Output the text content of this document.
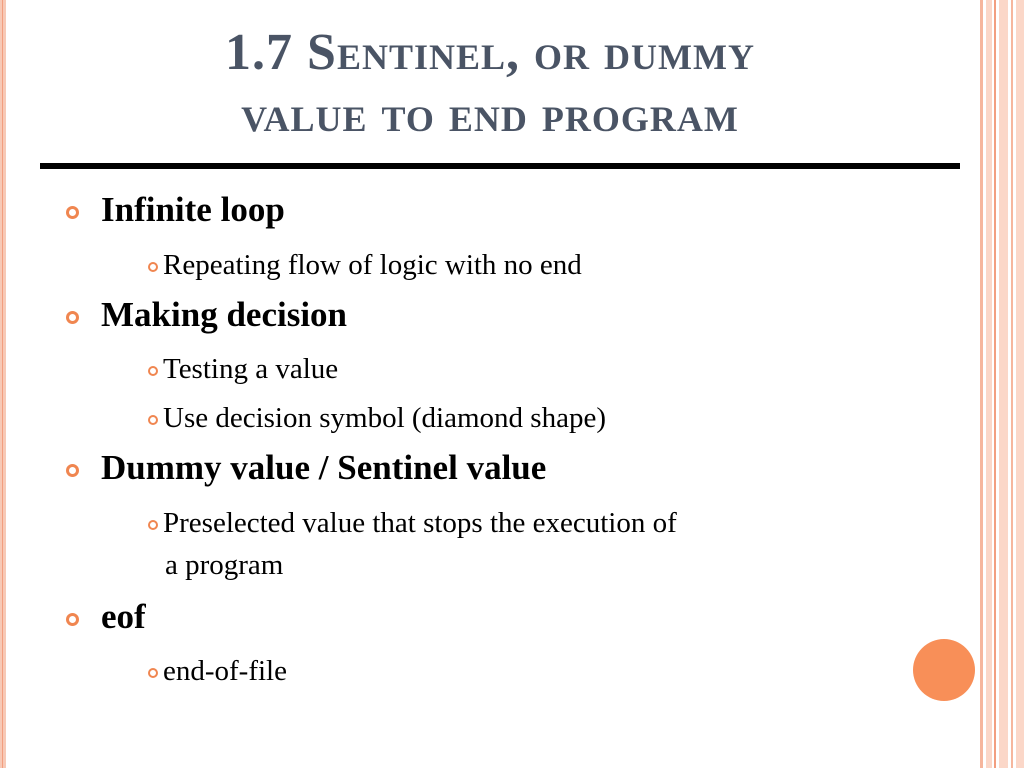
1.7 Sentinel, or dummy
value to end program
Infinite loop
Repeating flow of logic with no end
Making decision
Testing a value
Use decision symbol (diamond shape)
Dummy value / Sentinel value
Preselected value that stops the execution of
a program
eof
end-of-file
